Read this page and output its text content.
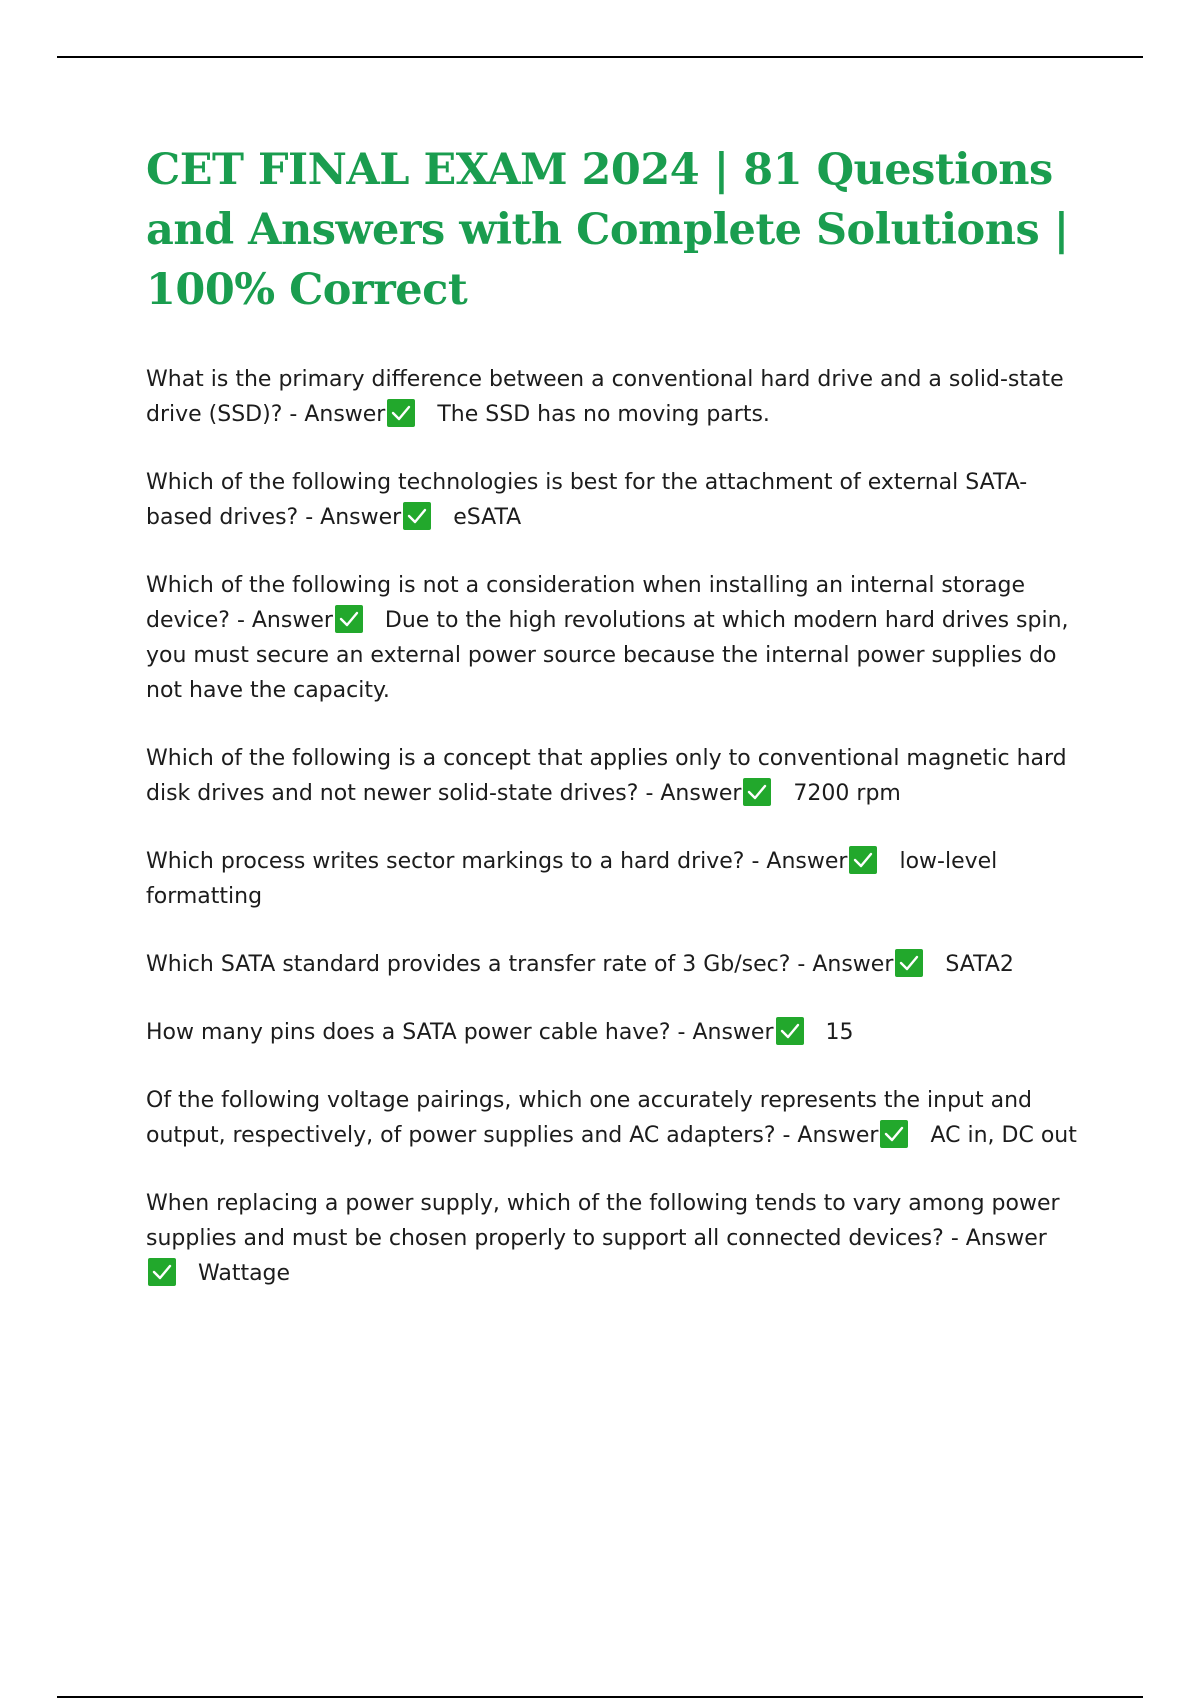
CET FINAL EXAM 2024 | 81 Questions and Answers with Complete Solutions | 100% Correct

What is the primary difference between a conventional hard drive and a solid-state drive (SSD)? - Answer The SSD has no moving parts.

Which of the following technologies is best for the attachment of external SATA-based drives? - Answer eSATA

Which of the following is not a consideration when installing an internal storage device? - Answer Due to the high revolutions at which modern hard drives spin, you must secure an external power source because the internal power supplies do not have the capacity.

Which of the following is a concept that applies only to conventional magnetic hard disk drives and not newer solid-state drives? - Answer 7200 rpm

Which process writes sector markings to a hard drive? - Answer low-level formatting

Which SATA standard provides a transfer rate of 3 Gb/sec? - Answer SATA2

How many pins does a SATA power cable have? - Answer 15

Of the following voltage pairings, which one accurately represents the input and output, respectively, of power supplies and AC adapters? - Answer AC in, DC out

When replacing a power supply, which of the following tends to vary among power supplies and must be chosen properly to support all connected devices? - Answer
Wattage
